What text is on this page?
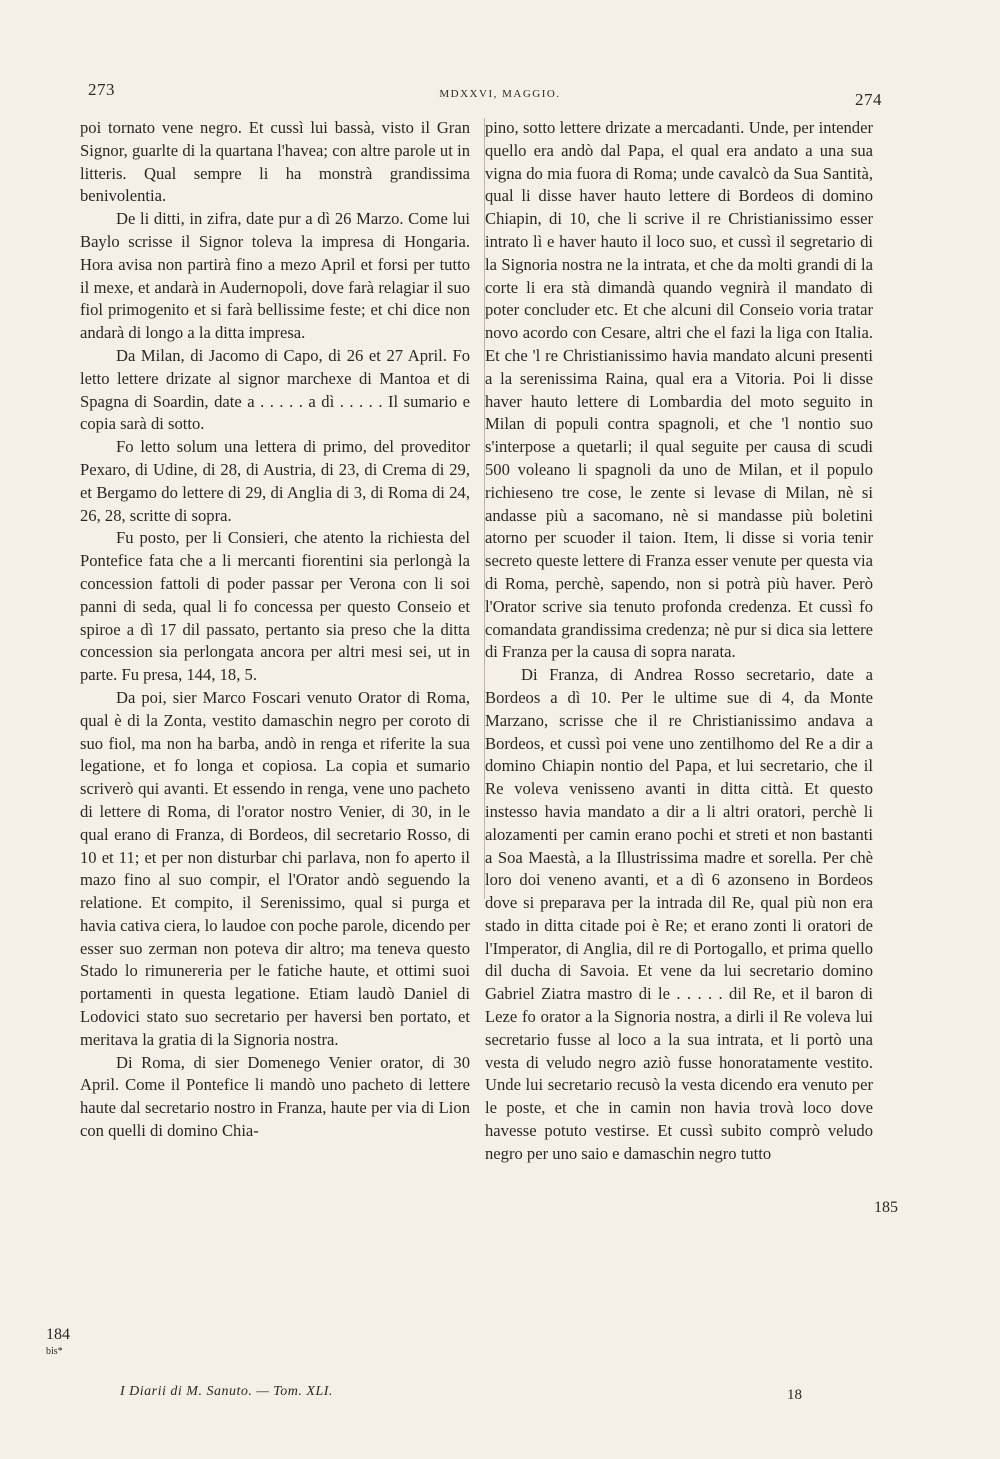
273	MDXXVI, MAGGIO.	274

poi tornato vene negro. Et cussì lui bassà, visto il Gran Signor, guarlte di la quartana l'havea; con altre parole ut in litteris. Qual sempre li ha monstrà grandissima benivolentia.

De li ditti, in zifra, date pur a dì 26 Marzo. Come lui Baylo scrisse il Signor toleva la impresa di Hongaria. Hora avisa non partirà fino a mezo April et forsi per tutto il mexe, et andarà in Audernopoli, dove farà relagiar il suo fiol primogenito et si farà bellissime feste; et chi dice non andarà di longo a la ditta impresa.

Da Milan, di Jacomo di Capo, di 26 et 27 April. Fo letto lettere drizate al signor marchexe di Mantoa et di Spagna di Soardin, date a . . . . . a dì . . . . . Il sumario e copia sarà di sotto.

Fo letto solum una lettera di primo, del proveditor Pexaro, di Udine, di 28, di Austria, di 23, di Crema di 29, et Bergamo do lettere di 29, di Anglia di 3, di Roma di 24, 26, 28, scritte di sopra.

Fu posto, per li Consieri, che atento la richiesta del Pontefice fata che a li mercanti fiorentini sia perlongà la concession fattoli di poder passar per Verona con li soi panni di seda, qual li fo concessa per questo Conseio et spiroe a dì 17 dil passato, pertanto sia preso che la ditta concession sia perlongata ancora per altri mesi sei, ut in parte. Fu presa, 144, 18, 5.

Da poi, sier Marco Foscari venuto Orator di Roma, qual è di la Zonta, vestito damaschin negro per coroto di suo fiol, ma non ha barba, andò in renga et riferite la sua legatione, et fo longa et copiosa. La copia et sumario scriverò qui avanti. Et essendo in renga, vene uno pacheto di lettere di Roma, di l'orator nostro Venier, di 30, in le qual erano di Franza, di Bordeos, dil secretario Rosso, di 10 et 11; et per non disturbar chi parlava, non fo aperto il mazo fino al suo compir, el l'Orator andò seguendo la relatione. Et compito, il Serenissimo, qual si purga et havia cativa ciera, lo laudoe con poche parole, dicendo per esser suo zerman non poteva dir altro; ma teneva questo Stado lo rimunereria per le fatiche haute, et ottimi suoi portamenti in questa legatione. Etiam laudò Daniel di Lodovici stato suo secretario per haversi ben portato, et meritava la gratia di la Signoria nostra.

Di Roma, di sier Domenego Venier orator, di 30 April. Come il Pontefice li mandò uno pacheto di lettere haute dal secretario nostro in Franza, haute per via di Lion con quelli di domino Chia-

pino, sotto lettere drizate a mercadanti. Unde, per intender quello era andò dal Papa, el qual era andato a una sua vigna do mia fuora di Roma; unde cavalcò da Sua Santità, qual li disse haver hauto lettere di Bordeos di domino Chiapin, di 10, che li scrive il re Christianissimo esser intrato lì e haver hauto il loco suo, et cussì il segretario di la Signoria nostra ne la intrata, et che da molti grandi di la corte li era stà dimandà quando vegnirà il mandato di poter concluder etc. Et che alcuni dil Conseio voria tratar novo acordo con Cesare, altri che el fazi la liga con Italia. Et che 'l re Christianissimo havia mandato alcuni presenti a la serenissima Raina, qual era a Vitoria. Poi li disse haver hauto lettere di Lombardia del moto seguito in Milan di populi contra spagnoli, et che 'l nontio suo s'interpose a quetarli; il qual seguite per causa di scudi 500 voleano li spagnoli da uno de Milan, et il populo richieseno tre cose, le zente si levase di Milan, nè si andasse più a sacomano, nè si mandasse più boletini atorno per scuoder il taion. Item, li disse si voria tenir secreto queste lettere di Franza esser venute per questa via di Roma, perchè, sapendo, non si potrà più haver. Però l'Orator scrive sia tenuto profonda credenza. Et cussì fo comandata grandissima credenza; nè pur si dica sia lettere di Franza per la causa di sopra narata.

Di Franza, di Andrea Rosso secretario, date a Bordeos a dì 10. Per le ultime sue di 4, da Monte Marzano, scrisse che il re Christianissimo andava a Bordeos, et cussì poi vene uno zentilhomo del Re a dir a domino Chiapin nontio del Papa, et lui secretario, che il Re voleva venisseno avanti in ditta città. Et questo instesso havia mandato a dir a li altri oratori, perchè li alozamenti per camin erano pochi et streti et non bastanti a Soa Maestà, a la Illustrissima madre et sorella. Per chè loro doi veneno avanti, et a dì 6 azonseno in Bordeos dove si preparava per la intrada dil Re, qual più non era stado in ditta citade poi è Re; et erano zonti li oratori de l'Imperator, di Anglia, dil re di Portogallo, et prima quello dil ducha di Savoia. Et vene da lui secretario domino Gabriel Ziatra mastro di le . . . . . dil Re, et il baron di Leze fo orator a la Signoria nostra, a dirli il Re voleva lui secretario fusse al loco a la sua intrata, et li portò una vesta di veludo negro aziò fusse honoratamente vestito. Unde lui secretario recusò la vesta dicendo era venuto per le poste, et che in camin non havia trovà loco dove havesse potuto vestirse. Et cussì subito comprò veludo negro per uno saio e damaschin negro tutto

184
bis*
185
I Diarii di M. Sanuto. — Tom. XLI.	18
